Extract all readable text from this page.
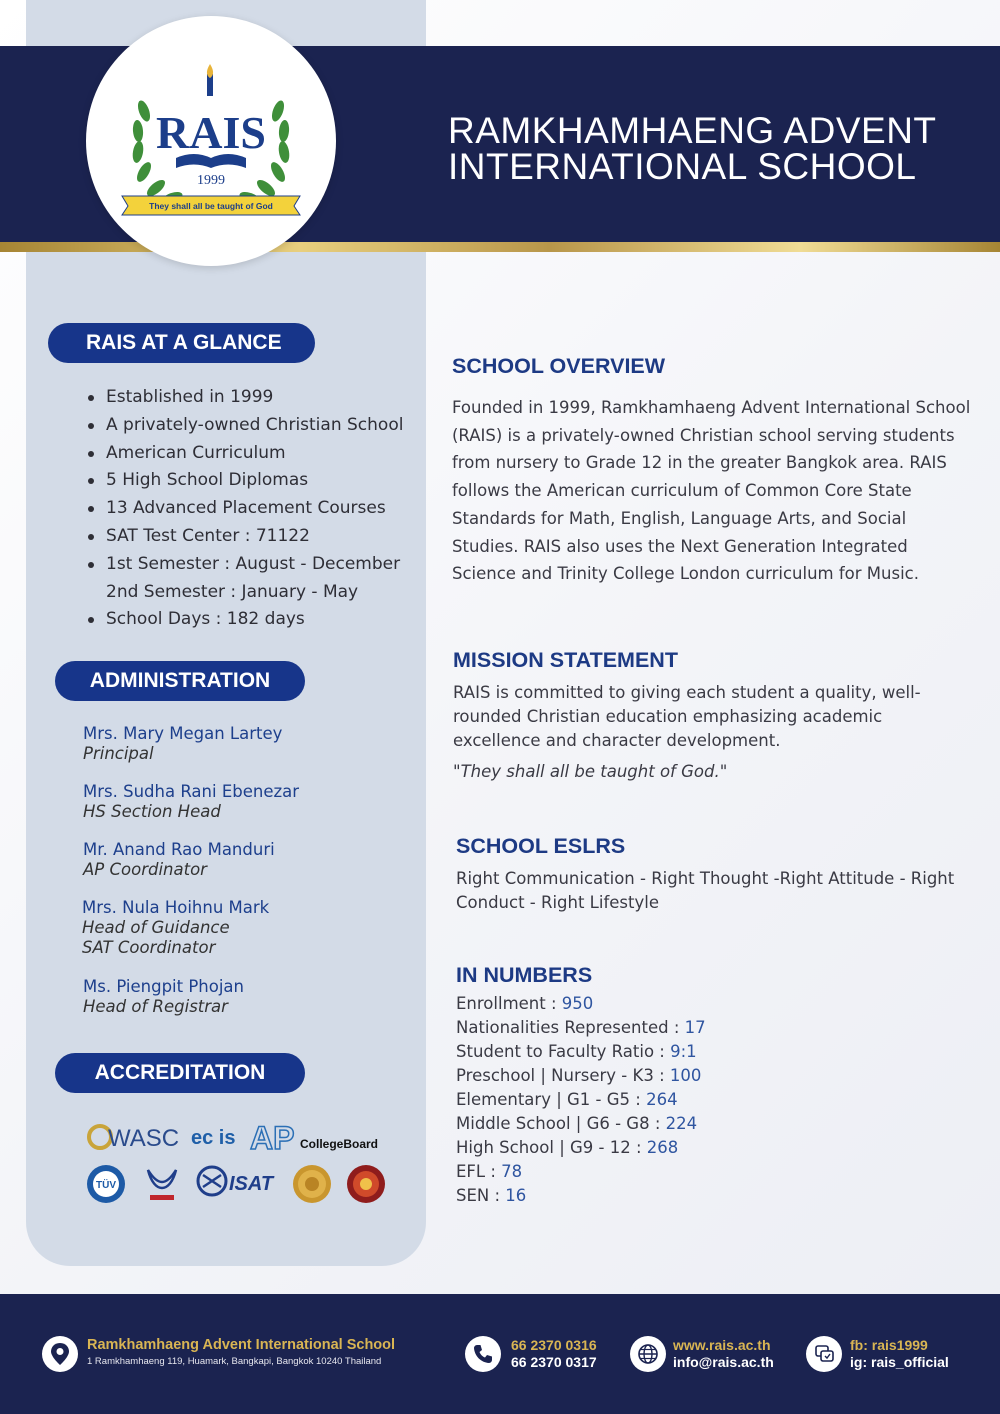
RAIS
1999
They shall all be taught of God
RAMKHAMHAENG ADVENT
INTERNATIONAL SCHOOL
RAIS AT A GLANCE
Established in 1999
A privately-owned Christian School
American Curriculum
5 High School Diplomas
13 Advanced Placement Courses
SAT Test Center : 71122
1st Semester : August - December
2nd Semester : January - May
School Days : 182 days
ADMINISTRATION
Mrs. Mary Megan Lartey
Principal
Mrs. Sudha Rani Ebenezar
HS Section Head
Mr. Anand Rao Manduri
AP Coordinator
Mrs. Nula Hoihnu Mark
Head of Guidance
SAT Coordinator
Ms. Piengpit Phojan
Head of Registrar
ACCREDITATION
WASC ec is AP CollegeBoard
TÜV	ISAT
SCHOOL OVERVIEW

Founded in 1999, Ramkhamhaeng Advent International School (RAIS) is a privately-owned Christian school serving students from nursery to Grade 12 in the greater Bangkok area. RAIS follows the American curriculum of Common Core State Standards for Math, English, Language Arts, and Social Studies. RAIS also uses the Next Generation Integrated Science and Trinity College London curriculum for Music.

MISSION STATEMENT

RAIS is committed to giving each student a quality, well-rounded Christian education emphasizing academic excellence and character development.

"They shall all be taught of God."

SCHOOL ESLRS

Right Communication - Right Thought -Right Attitude - Right Conduct - Right Lifestyle

IN NUMBERS
Enrollment : 950
Nationalities Represented : 17
Student to Faculty Ratio : 9:1
Preschool | Nursery - K3 : 100
Elementary | G1 - G5 : 264
Middle School | G6 - G8 : 224
High School | G9 - 12 : 268
EFL : 78
SEN : 16
Ramkhamhaeng Advent International School
1 Ramkhamhaeng 119, Huamark, Bangkapi, Bangkok 10240 Thailand
66 2370 0316
66 2370 0317
www.rais.ac.th
info@rais.ac.th
fb: rais1999
ig: rais_official
